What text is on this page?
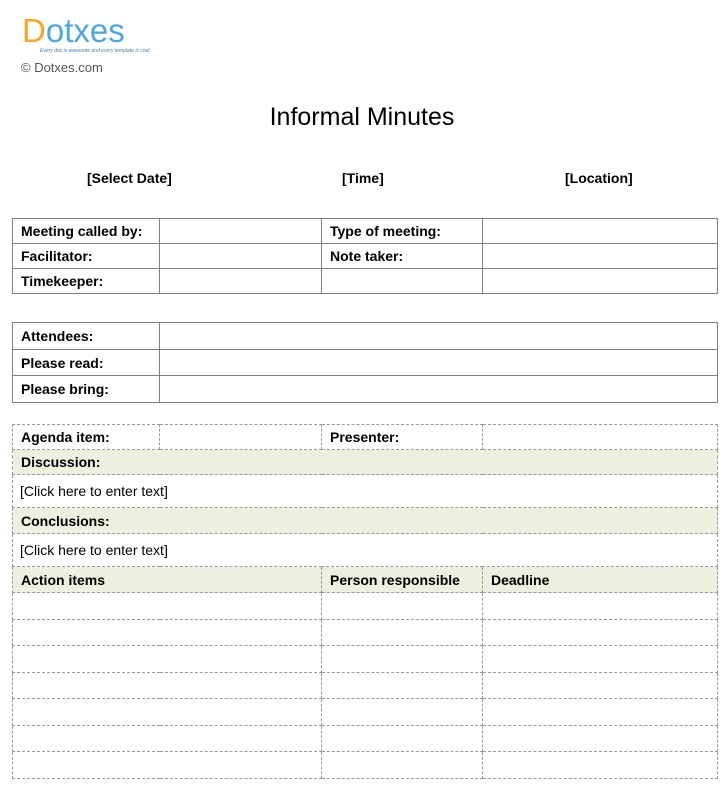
Dotxes
Every doc is awesome and every template is cool
© Dotxes.com
Informal Minutes
[Select Date]	[Time]	[Location]
Meeting called by:		Type of meeting:	
Facilitator:		Note taker:	
Timekeeper:			
Attendees:	
Please read:	
Please bring:	
Agenda item:		Presenter:	
Discussion:			
[Click here to enter text]			
Conclusions:			
[Click here to enter text]			
Action items		Person responsible	Deadline
